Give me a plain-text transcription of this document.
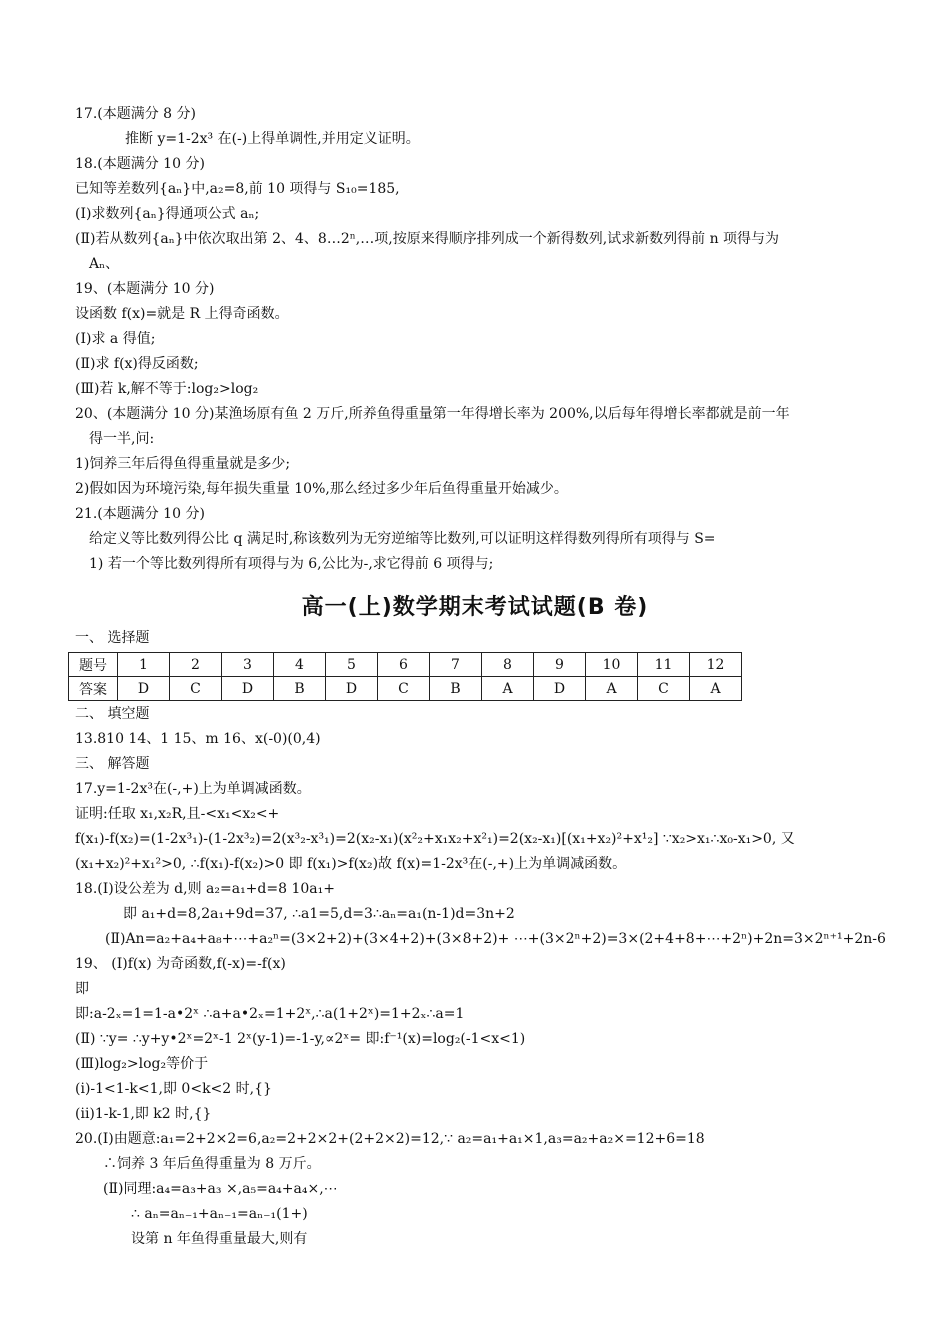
17.(本题满分 8 分)
推断 y=1-2x³ 在(-)上得单调性,并用定义证明。
18.(本题满分 10 分)
已知等差数列{aₙ}中,a₂=8,前 10 项得与 S₁₀=185,
(Ⅰ)求数列{aₙ}得通项公式 aₙ;
(Ⅱ)若从数列{aₙ}中依次取出第 2、4、8…2ⁿ,…项,按原来得顺序排列成一个新得数列,试求新数列得前 n 项得与为
Aₙ、
19、(本题满分 10 分)
设函数 f(x)=就是 R 上得奇函数。
(Ⅰ)求 a 得值;
(Ⅱ)求 f(x)得反函数;
(Ⅲ)若 k,解不等于:log₂>log₂
20、(本题满分 10 分)某渔场原有鱼 2 万斤,所养鱼得重量第一年得增长率为 200%,以后每年得增长率都就是前一年
得一半,问:
1)饲养三年后得鱼得重量就是多少;
2)假如因为环境污染,每年损失重量 10%,那么经过多少年后鱼得重量开始减少。
21.(本题满分 10 分)
给定义等比数列得公比 q 满足时,称该数列为无穷逆缩等比数列,可以证明这样得数列得所有项得与 S=
1) 若一个等比数列得所有项得与为 6,公比为-,求它得前 6 项得与;
一、 选择题
二、 填空题
13.810 14、1 15、m 16、x(-0)(0,4)
三、 解答题
17.y=1-2x³在(-,+)上为单调减函数。
证明:任取 x₁,x₂R,且-<x₁<x₂<+
f(x₁)-f(x₂)=(1-2x³₁)-(1-2x³₂)=2(x³₂-x³₁)=2(x₂-x₁)(x²₂+x₁x₂+x²₁)=2(x₂-x₁)[(x₁+x₂)²+x¹₂] ∵x₂>x₁∴x₀-x₁>0, 又
(x₁+x₂)²+x₁²>0, ∴f(x₁)-f(x₂)>0 即 f(x₁)>f(x₂)故 f(x)=1-2x³在(-,+)上为单调减函数。
18.(Ⅰ)设公差为 d,则 a₂=a₁+d=8 10a₁+
即 a₁+d=8,2a₁+9d=37, ∴a1=5,d=3∴aₙ=a₁(n-1)d=3n+2
(Ⅱ)An=a₂+a₄+a₈+⋯+a₂ⁿ=(3×2+2)+(3×4+2)+(3×8+2)+ ⋯+(3×2ⁿ+2)=3×(2+4+8+⋯+2ⁿ)+2n=3×2ⁿ⁺¹+2n-6
19、 (Ⅰ)f(x) 为奇函数,f(-x)=-f(x)
即
即:a-2ₓ=1=1-a•2ˣ ∴a+a•2ₓ=1+2ˣ,∴a(1+2ˣ)=1+2ₓ∴a=1
(Ⅱ) ∵y= ∴y+y•2ˣ=2ˣ-1 2ˣ(y-1)=-1-y,∝2ˣ= 即:f⁻¹(x)=log₂(-1<x<1)
(Ⅲ)log₂>log₂等价于
(i)-1<1-k<1,即 0<k<2 时,{}
(ii)1-k-1,即 k2 时,{}
20.(Ⅰ)由题意:a₁=2+2×2=6,a₂=2+2×2+(2+2×2)=12,∵ a₂=a₁+a₁×1,a₃=a₂+a₂×=12+6=18
∴饲养 3 年后鱼得重量为 8 万斤。
(Ⅱ)同理:a₄=a₃+a₃ ×,a₅=a₄+a₄×,⋯
∴ aₙ=aₙ₋₁+aₙ₋₁=aₙ₋₁(1+)
设第 n 年鱼得重量最大,则有
高一(上)数学期末考试试题(B 卷)
题号	1	2	3	4	5	6	7	8	9	10	11	12
答案	D	C	D	B	D	C	B	A	D	A	C	A
